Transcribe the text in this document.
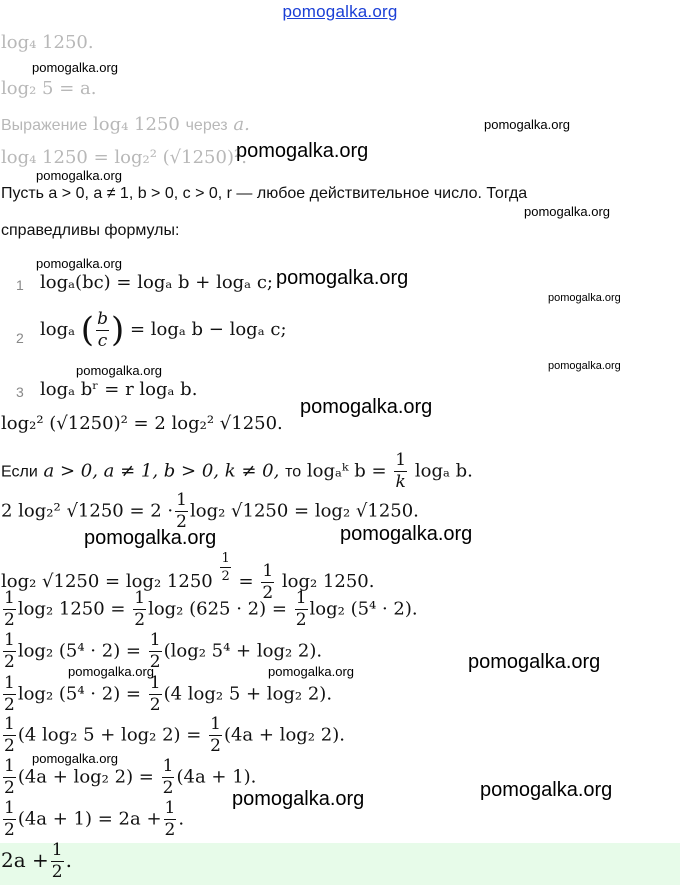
pomogalka.org
log₄ 1250.
log₂ 5 = a.
Выражение log₄ 1250 через a.
log₄ 1250 = log₂² (√1250)².
Пусть a > 0, a ≠ 1, b > 0, c > 0, r — любое действительное число. Тогда
справедливы формулы:
1 logₐ(bc) = logₐ b + logₐ c;
2 logₐ ( $\frac{b}{c}$ ) = logₐ b − logₐ c;
3 logₐ bʳ = r logₐ b.
log₂² (√1250)² = 2 log₂² √1250.
Если a > 0, a ≠ 1, b > 0, k ≠ 0, то logₐᵏ $b = \frac{1}{k}$ logₐ b.
2 log₂² $√1250 = 2 \cdot \frac{1}{2} \log_2$ √1250 = log₂ √1250.
log₂ √1250 = log₂ $1250 \frac{1}{2} = \frac{1}{2} \log_2$ 1250.
$\frac{1}{2} \log_2$ $1250 = \frac{1}{2} \log_2$ $(625 \cdot 2) = \frac{1}{2} \log_2$ (5⁴ · 2).
$\frac{1}{2} \log_2$ $(5^4 \cdot 2) = \frac{1}{2} (\log_2$ 5⁴ + log₂ 2).
$\frac{1}{2} \log_2$ $(5^4 \cdot 2) = \frac{1}{2} (4$ log₂ 5 + log₂ 2).
$\frac{1}{2} (4$ log₂ 5 + log₂ $2) = \frac{1}{2} (4a + \log_2$ 2).
$\frac{1}{2} (4a + \log_2$ $2) = \frac{1}{2} (4a + 1)$.
$\frac{1}{2} (4a + 1) = 2a + \frac{1}{2}$ .
$2a + \frac{1}{2}$ .
pomogalka.org
pomogalka.org
pomogalka.org
pomogalka.org
pomogalka.org
pomogalka.org
pomogalka.org
pomogalka.org
pomogalka.org
pomogalka.org
pomogalka.org
pomogalka.org	pomogalka.org
pomogalka.org
pomogalka.org	pomogalka.org
pomogalka.org
pomogalka.org
pomogalka.org
